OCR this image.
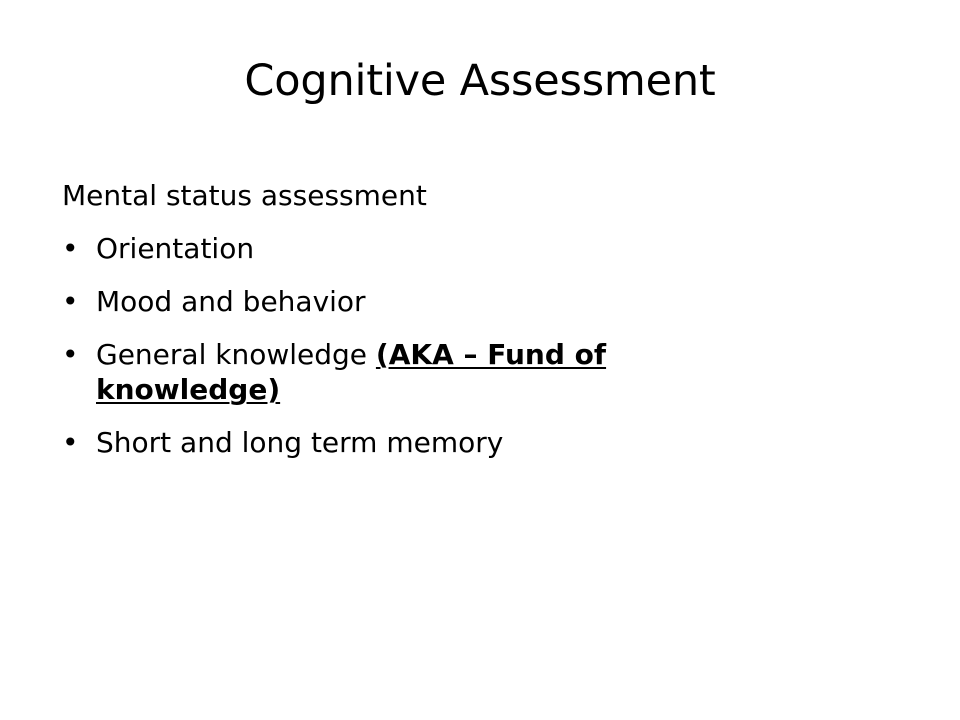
Cognitive Assessment
Mental status assessment
• Orientation
• Mood and behavior
• General knowledge (AKA – Fund of knowledge)
• Short and long term memory
